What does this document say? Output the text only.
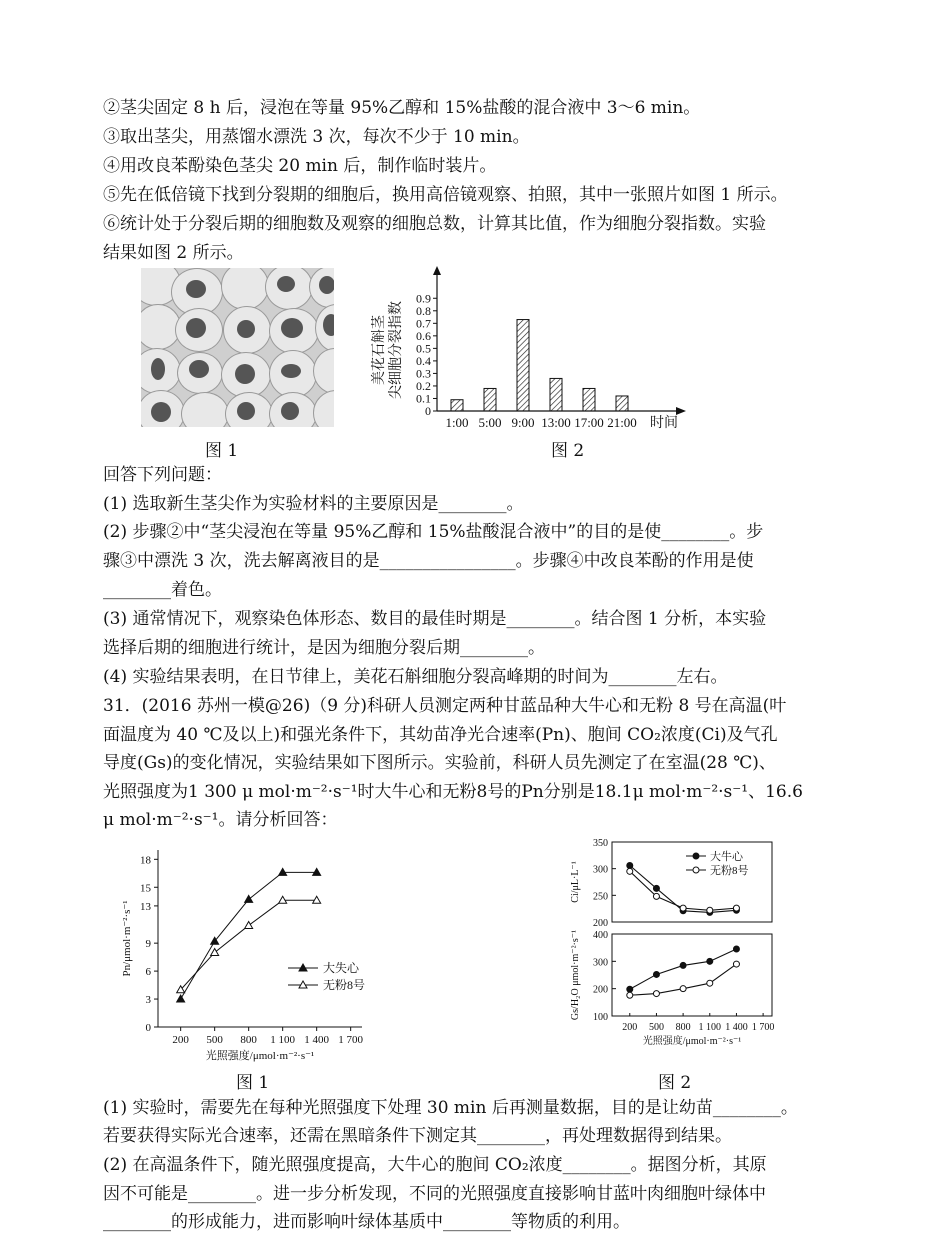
②茎尖固定 8 h 后，浸泡在等量 95%乙醇和 15%盐酸的混合液中 3～6 min。
③取出茎尖，用蒸馏水漂洗 3 次，每次不少于 10 min。
④用改良苯酚染色茎尖 20 min 后，制作临时装片。
⑤先在低倍镜下找到分裂期的细胞后，换用高倍镜观察、拍照，其中一张照片如图 1 所示。
⑥统计处于分裂后期的细胞数及观察的细胞总数，计算其比值，作为细胞分裂指数。实验
结果如图 2 所示。
图 1
0
0.1
0.2
0.3
0.4
0.5
0.6
0.7
0.8
0.9
1:00 5:00 9:00 13:00 17:00 21:00 时间
美花石斛茎 尖细胞分裂指数
图 2
回答下列问题：
(1) 选取新生茎尖作为实验材料的主要原因是________。
(2) 步骤②中“茎尖浸泡在等量 95%乙醇和 15%盐酸混合液中”的目的是使________。步
骤③中漂洗 3 次，洗去解离液目的是________________。步骤④中改良苯酚的作用是使
________着色。
(3) 通常情况下，观察染色体形态、数目的最佳时期是________。结合图 1 分析，本实验
选择后期的细胞进行统计，是因为细胞分裂后期________。
(4) 实验结果表明，在日节律上，美花石斛细胞分裂高峰期的时间为________左右。
31．(2016 苏州一模@26)（9 分)科研人员测定两种甘蓝品种大牛心和无粉 8 号在高温(叶
面温度为 40 ℃及以上)和强光条件下，其幼苗净光合速率(Pn)、胞间 CO₂浓度(Ci)及气孔
导度(Gs)的变化情况，实验结果如下图所示。实验前，科研人员先测定了在室温(28 ℃)、
光照强度为1 300 μ mol·m⁻²·s⁻¹时大牛心和无粉8号的Pn分别是18.1μ mol·m⁻²·s⁻¹、16.6
μ mol·m⁻²·s⁻¹。请分析回答：
0
3
6
9
13
15
18
200 500 800 1 100 1 400 1 700
大失心
无粉8号
Pn/μmol·m⁻²·s⁻¹
光照强度/μmol·m⁻²·s⁻¹
图 1
200
250
300
350
Ci/μL·L⁻¹
大牛心
无粉8号
100
200
300
400
200 500 800 1 100 1 400 1 700
Gs/H₂O μmol·m⁻²·s⁻¹
光照强度/μmol·m⁻²·s⁻¹
图 2
(1) 实验时，需要先在每种光照强度下处理 30 min 后再测量数据，目的是让幼苗________。
若要获得实际光合速率，还需在黑暗条件下测定其________，再处理数据得到结果。
(2) 在高温条件下，随光照强度提高，大牛心的胞间 CO₂浓度________。据图分析，其原
因不可能是________。进一步分析发现，不同的光照强度直接影响甘蓝叶肉细胞叶绿体中
________的形成能力，进而影响叶绿体基质中________等物质的利用。
